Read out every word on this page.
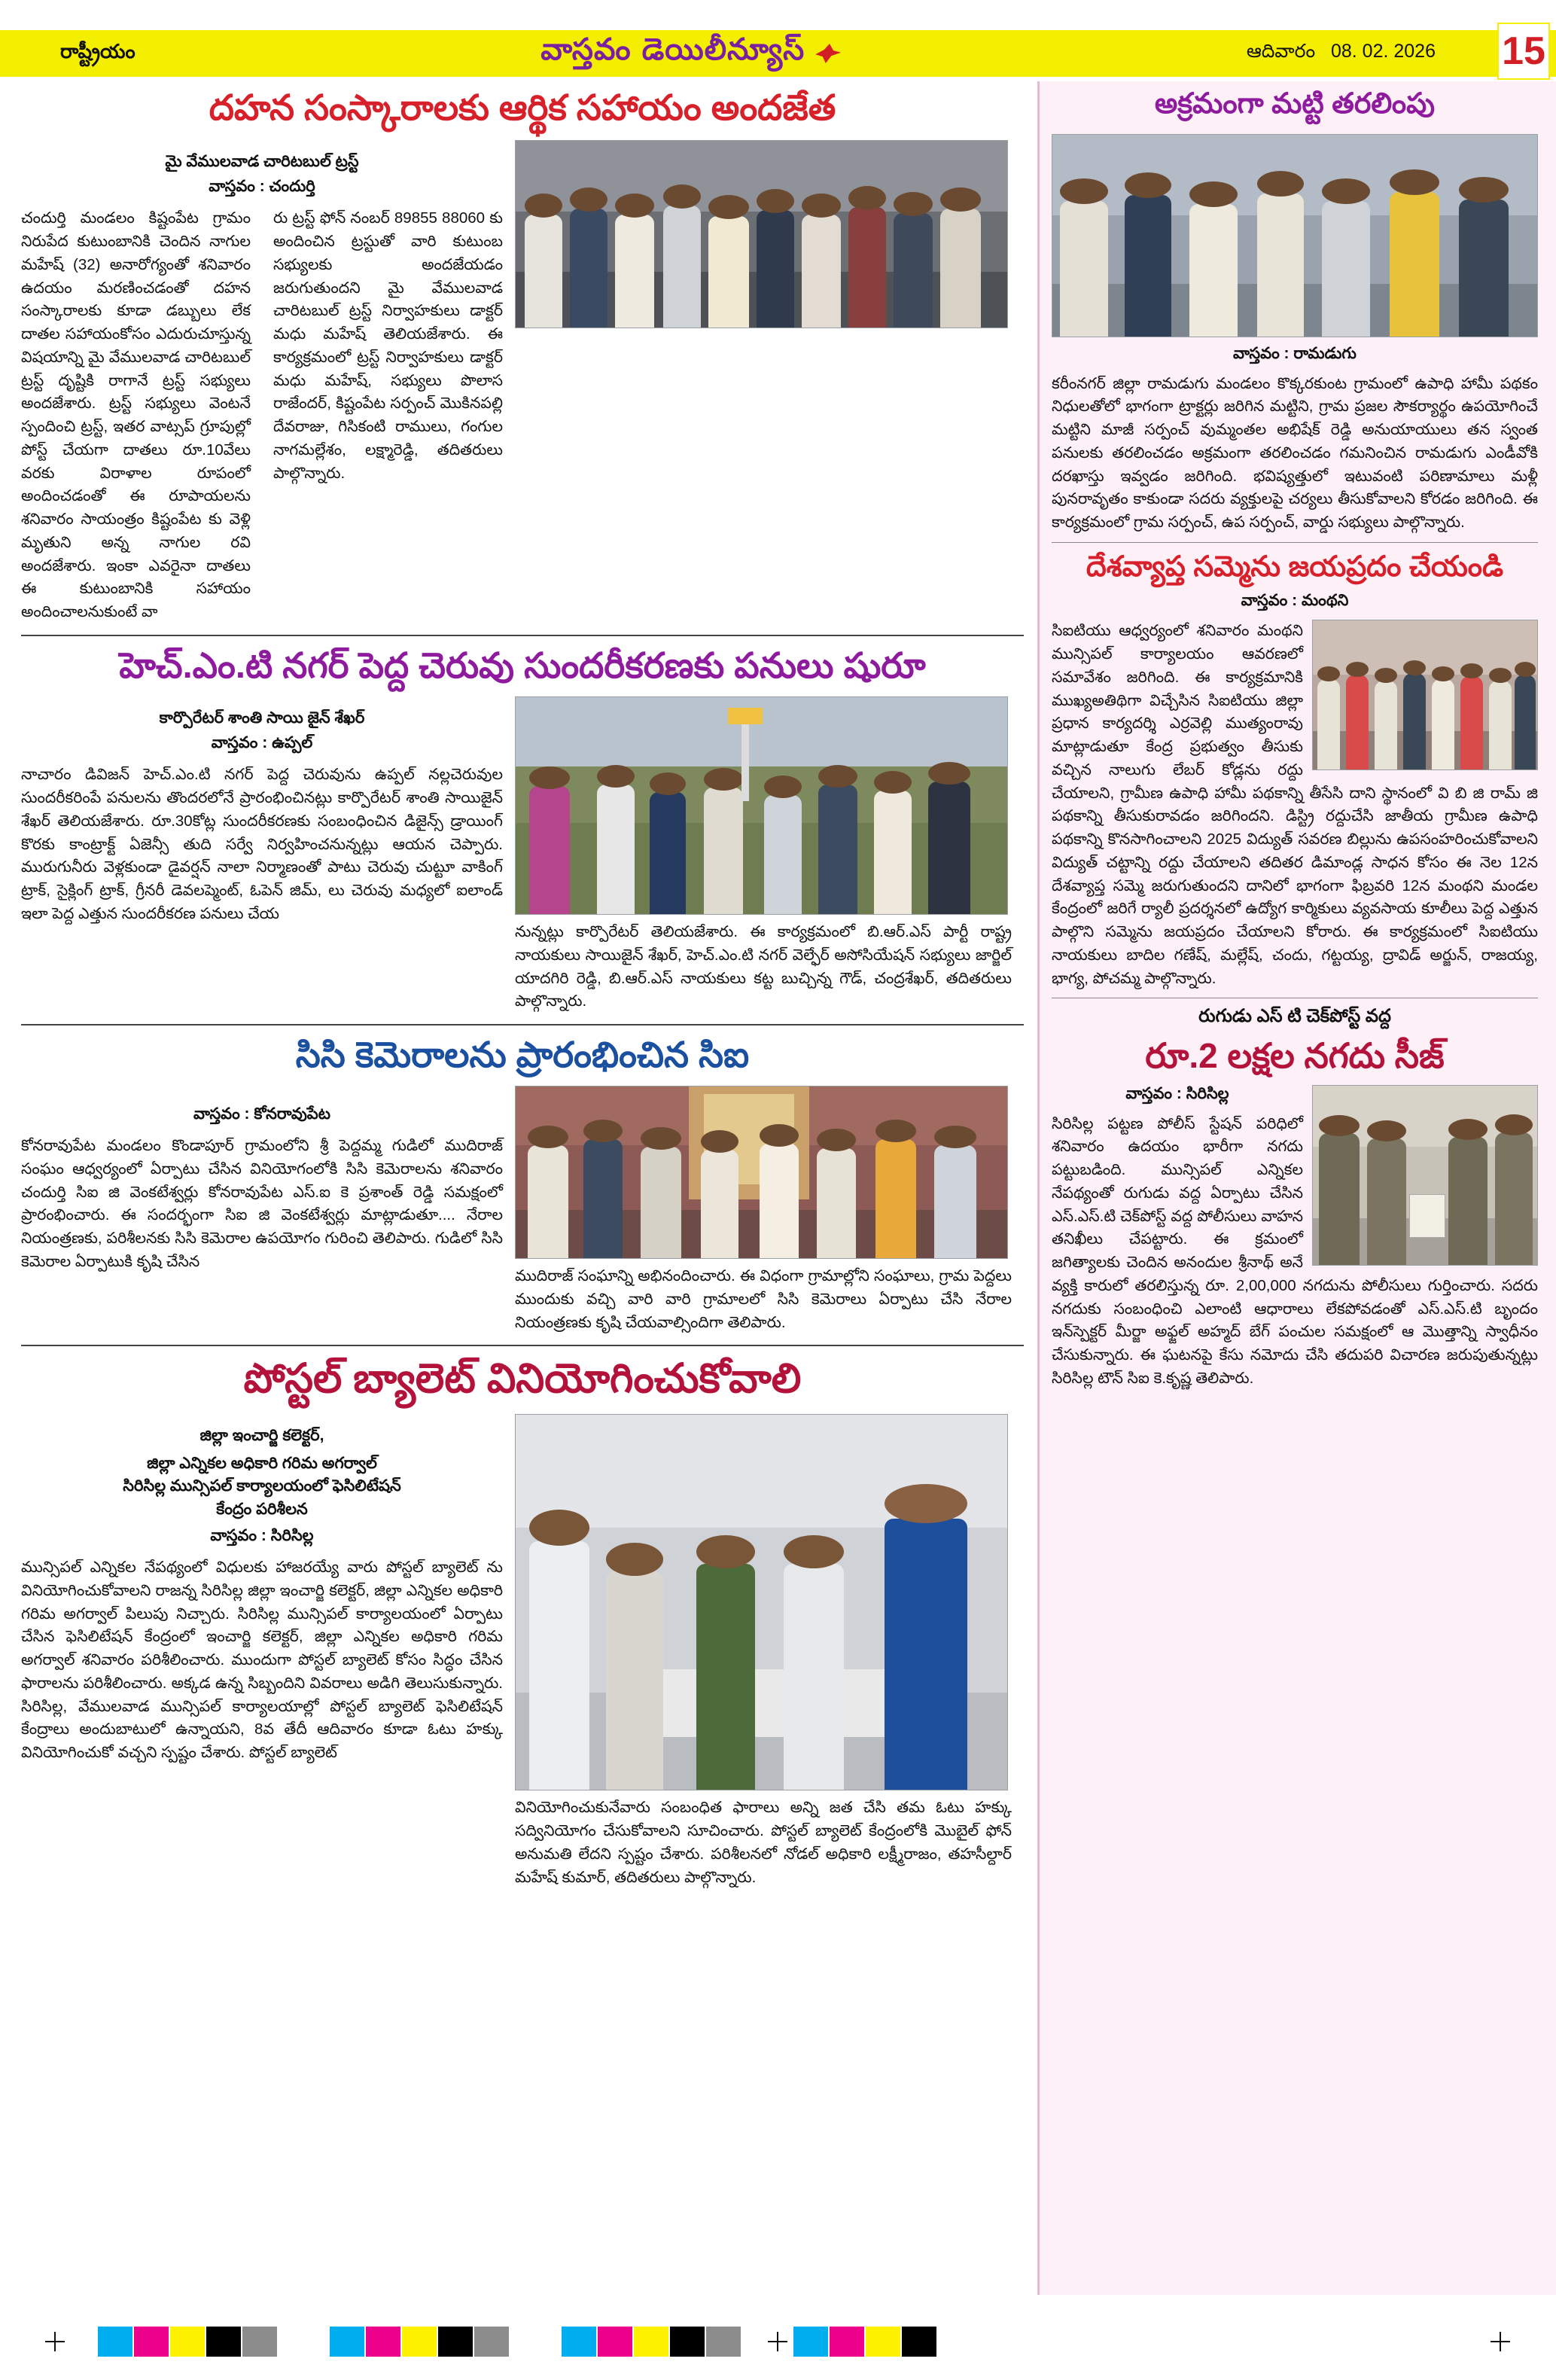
రాష్ట్రీయం	వాస్తవం డెయిలీన్యూస్	ఆదివారం 08. 02. 2026	15
దహన సంస్కారాలకు ఆర్థిక సహాయం అందజేత
మై వేములవాడ చారిటబుల్ ట్రస్ట్
వాస్తవం : చందుర్తి
చందుర్తి మండలం కిష్టంపేట గ్రామం నిరుపేద కుటుంబానికి చెందిన నాగుల మహేష్ (32) అనారోగ్యంతో శనివారం ఉదయం మరణించడంతో దహన సంస్కారాలకు కూడా డబ్బులు లేక దాతల సహాయంకోసం ఎదురుచూస్తున్న విషయాన్ని మై వేములవాడ చారిటబుల్ ట్రస్ట్ దృష్టికి రాగానే ట్రస్ట్ సభ్యులు అందజేశారు. ట్రస్ట్ సభ్యులు వెంటనే స్పందించి ట్రస్ట్, ఇతర వాట్సప్ గ్రూపుల్లో పోస్ట్ చేయగా దాతలు రూ.10వేలు వరకు విరాళాల రూపంలో అందించడంతో ఈ రూపాయలను శనివారం సాయంత్రం కిష్టంపేట కు వెళ్లి మృతుని అన్న నాగుల రవి అందజేశారు. ఇంకా ఎవరైనా దాతలు ఈ కుటుంబానికి సహాయం అందించాలనుకుంటే వా
రు ట్రస్ట్ ఫోన్ నంబర్ 89855 88060 కు అందించిన ట్రస్టుతో వారి కుటుంబ సభ్యులకు అందజేయడం జరుగుతుందని మై వేములవాడ చారిటబుల్ ట్రస్ట్ నిర్వాహకులు డాక్టర్ మధు మహేష్ తెలియజేశారు. ఈ కార్యక్రమంలో ట్రస్ట్ నిర్వాహకులు డాక్టర్ మధు మహేష్, సభ్యులు పొలాస రాజేందర్, కిష్టంపేట సర్పంచ్ మొకినపల్లి దేవరాజు, గిసికంటి రాములు, గంగుల నాగమల్లేశం, లక్ష్మారెడ్డి, తదితరులు పాల్గొన్నారు.
హెచ్.ఎం.టి నగర్ పెద్ద చెరువు సుందరీకరణకు పనులు షురూ
కార్పొరేటర్ శాంతి సాయి జైన్ శేఖర్
వాస్తవం : ఉప్పల్
నాచారం డివిజన్ హెచ్.ఎం.టి నగర్ పెద్ద చెరువును ఉప్పల్ నల్లచెరువుల సుందరీకరింపే పనులను తొందరలోనే ప్రారంభించినట్లు కార్పొరేటర్ శాంతి సాయిజైన్ శేఖర్ తెలియజేశారు. రూ.30కోట్ల సుందరీకరణకు సంబంధించిన డిజైన్స్ డ్రాయింగ్ కొరకు కాంట్రాక్ట్ ఏజెన్సీ తుది సర్వే నిర్వహించనున్నట్లు ఆయన చెప్పారు. మురుగునీరు వెళ్లకుండా డైవర్షన్ నాలా నిర్మాణంతో పాటు చెరువు చుట్టూ వాకింగ్ ట్రాక్, సైక్లింగ్ ట్రాక్, గ్రీనరీ డెవలప్మెంట్, ఓపెన్ జిమ్, లు చెరువు మధ్యలో ఐలాండ్ ఇలా పెద్ద ఎత్తున సుందరీకరణ పనులు చేయ
నున్నట్లు కార్పొరేటర్ తెలియజేశారు. ఈ కార్యక్రమంలో బి.ఆర్.ఎస్ పార్టీ రాష్ట్ర నాయకులు సాయిజైన్ శేఖర్, హెచ్.ఎం.టి నగర్ వెల్ఫేర్ అసోసియేషన్ సభ్యులు జార్జిల్ యాదగిరి రెడ్డి, బి.ఆర్.ఎస్ నాయకులు కట్ట బుచ్చిన్న గౌడ్, చంద్రశేఖర్, తదితరులు పాల్గొన్నారు.
సిసి కెమెరాలను ప్రారంభించిన సిఐ
వాస్తవం : కోనరావుపేట
కోనరావుపేట మండలం కొండాపూర్ గ్రామంలోని శ్రీ పెద్దమ్మ గుడిలో ముదిరాజ్ సంఘం ఆధ్వర్యంలో ఏర్పాటు చేసిన వినియోగంలోకి సిసి కెమెరాలను శనివారం చందుర్తి సిఐ జి వెంకటేశ్వర్లు కోనరావుపేట ఎస్.ఐ కె ప్రశాంత్ రెడ్డి సమక్షంలో ప్రారంభించారు. ఈ సందర్భంగా సిఐ జి వెంకటేశ్వర్లు మాట్లాడుతూ.... నేరాల నియంత్రణకు, పరిశీలనకు సిసి కెమెరాల ఉపయోగం గురించి తెలిపారు. గుడిలో సిసి కెమెరాల ఏర్పాటుకి కృషి చేసిన
ముదిరాజ్ సంఘాన్ని అభినందించారు. ఈ విధంగా గ్రామాల్లోని సంఘాలు, గ్రామ పెద్దలు ముందుకు వచ్చి వారి వారి గ్రామాలలో సిసి కెమెరాలు ఏర్పాటు చేసి నేరాల నియంత్రణకు కృషి చేయవాల్సిందిగా తెలిపారు.
పోస్టల్ బ్యాలెట్ వినియోగించుకోవాలి
జిల్లా ఇంచార్జి కలెక్టర్,
జిల్లా ఎన్నికల అధికారి గరిమ అగర్వాల్
సిరిసిల్ల మున్సిపల్ కార్యాలయంలో ఫెసిలిటేషన్
కేంద్రం పరిశీలన
వాస్తవం : సిరిసిల్ల
మున్సిపల్ ఎన్నికల నేపథ్యంలో విధులకు హాజరయ్యే వారు పోస్టల్ బ్యాలెట్ ను వినియోగించుకోవాలని రాజన్న సిరిసిల్ల జిల్లా ఇంచార్జి కలెక్టర్, జిల్లా ఎన్నికల అధికారి గరిమ అగర్వాల్ పిలుపు నిచ్చారు. సిరిసిల్ల మున్సిపల్ కార్యాలయంలో ఏర్పాటు చేసిన ఫెసిలిటేషన్ కేంద్రంలో ఇంచార్జి కలెక్టర్, జిల్లా ఎన్నికల అధికారి గరిమ అగర్వాల్ శనివారం పరిశీలించారు. ముందుగా పోస్టల్ బ్యాలెట్ కోసం సిద్ధం చేసిన ఫారాలను పరిశీలించారు. అక్కడ ఉన్న సిబ్బందిని వివరాలు అడిగి తెలుసుకున్నారు. సిరిసిల్ల, వేములవాడ మున్సిపల్ కార్యాలయాల్లో పోస్టల్ బ్యాలెట్ ఫెసిలిటేషన్ కేంద్రాలు అందుబాటులో ఉన్నాయని, 8వ తేదీ ఆదివారం కూడా ఓటు హక్కు వినియోగించుకో వచ్చని స్పష్టం చేశారు. పోస్టల్ బ్యాలెట్
వినియోగించుకునేవారు సంబంధిత ఫారాలు అన్ని జత చేసి తమ ఓటు హక్కు సద్వినియోగం చేసుకోవాలని సూచించారు. పోస్టల్ బ్యాలెట్ కేంద్రంలోకి మొబైల్ ఫోన్ అనుమతి లేదని స్పష్టం చేశారు. పరిశీలనలో నోడల్ అధికారి లక్ష్మీరాజం, తహసీల్దార్ మహేష్ కుమార్, తదితరులు పాల్గొన్నారు.
అక్రమంగా మట్టి తరలింపు
వాస్తవం : రామడుగు
కరీంనగర్ జిల్లా రామడుగు మండలం కొక్కరకుంట గ్రామంలో ఉపాధి హామీ పథకం నిధులతోలో భాగంగా ట్రాక్టర్లు జరిగిన మట్టిని, గ్రామ ప్రజల సౌకర్యార్థం ఉపయోగించే మట్టిని మాజీ సర్పంచ్ వుమ్మంతల అభిషేక్ రెడ్డి అనుయాయులు తన స్వంత పనులకు తరలించడం అక్రమంగా తరలించడం గమనించిన రామడుగు ఎండీవోకి దరఖాస్తు ఇవ్వడం జరిగింది. భవిష్యత్తులో ఇటువంటి పరిణామాలు మళ్లీ పునరావృతం కాకుండా సదరు వ్యక్తులపై చర్యలు తీసుకోవాలని కోరడం జరిగింది. ఈ కార్యక్రమంలో గ్రామ సర్పంచ్, ఉప సర్పంచ్, వార్డు సభ్యులు పాల్గొన్నారు.
దేశవ్యాప్త సమ్మెను జయప్రదం చేయండి
వాస్తవం : మంథని
సిఐటియు ఆధ్వర్యంలో శనివారం మంథని మున్సిపల్ కార్యాలయం ఆవరణలో సమావేశం జరిగింది. ఈ కార్యక్రమానికి ముఖ్యఅతిథిగా విచ్చేసిన సిఐటియు జిల్లా ప్రధాన కార్యదర్శి ఎర్రవెల్లి ముత్యంరావు మాట్లాడుతూ కేంద్ర ప్రభుత్వం తీసుకు వచ్చిన నాలుగు లేబర్ కోడ్లను రద్దు చేయాలని, గ్రామీణ ఉపాధి హామీ పథకాన్ని తీసేసి దాని స్థానంలో వి బి జి రామ్ జి పథకాన్ని తీసుకురావడం జరిగిందని. డిస్ట్రి రద్దుచేసి జాతీయ గ్రామీణ ఉపాధి పథకాన్ని కొనసాగించాలని 2025 విద్యుత్ సవరణ బిల్లును ఉపసంహరించుకోవాలని విద్యుత్ చట్టాన్ని రద్దు చేయాలని తదితర డిమాండ్ల సాధన కోసం ఈ నెల 12న దేశవ్యాప్త సమ్మె జరుగుతుందని దానిలో భాగంగా ఫిబ్రవరి 12న మంథని మండల కేంద్రంలో జరిగే ర్యాలీ ప్రదర్శనలో ఉద్యోగ కార్మికులు వ్యవసాయ కూలీలు పెద్ద ఎత్తున పాల్గొని సమ్మెను జయప్రదం చేయాలని కోరారు. ఈ కార్యక్రమంలో సిఐటియు నాయకులు బాదిల గణేష్, మల్లేష్, చందు, గట్టయ్య, ద్రావిడ్ అర్జున్, రాజయ్య, భాగ్య, పోచమ్మ పాల్గొన్నారు.
రుగుడు ఎస్ టి చెక్‌పోస్ట్ వద్ద
రూ.2 లక్షల నగదు సీజ్
వాస్తవం : సిరిసిల్ల
సిరిసిల్ల పట్టణ పోలీస్ స్టేషన్ పరిధిలో శనివారం ఉదయం భారీగా నగదు పట్టుబడింది. మున్సిపల్ ఎన్నికల నేపథ్యంతో రుగుడు వద్ద ఏర్పాటు చేసిన ఎస్.ఎస్.టి చెక్‌పోస్ట్ వద్ద పోలీసులు వాహన తనిఖీలు చేపట్టారు. ఈ క్రమంలో జగిత్యాలకు చెందిన అనందుల శ్రీనాథ్ అనే వ్యక్తి కారులో తరలిస్తున్న రూ. 2,00,000 నగదును పోలీసులు గుర్తించారు. సదరు నగదుకు సంబంధించి ఎలాంటి ఆధారాలు లేకపోవడంతో ఎస్.ఎస్.టి బృందం ఇన్‌స్పెక్టర్ మీర్జా అఫ్జల్ అహ్మద్ బేగ్ పంచుల సమక్షంలో ఆ మొత్తాన్ని స్వాధీనం చేసుకున్నారు. ఈ ఘటనపై కేసు నమోదు చేసి తదుపరి విచారణ జరుపుతున్నట్లు సిరిసిల్ల టౌన్ సిఐ కె.కృష్ణ తెలిపారు.
